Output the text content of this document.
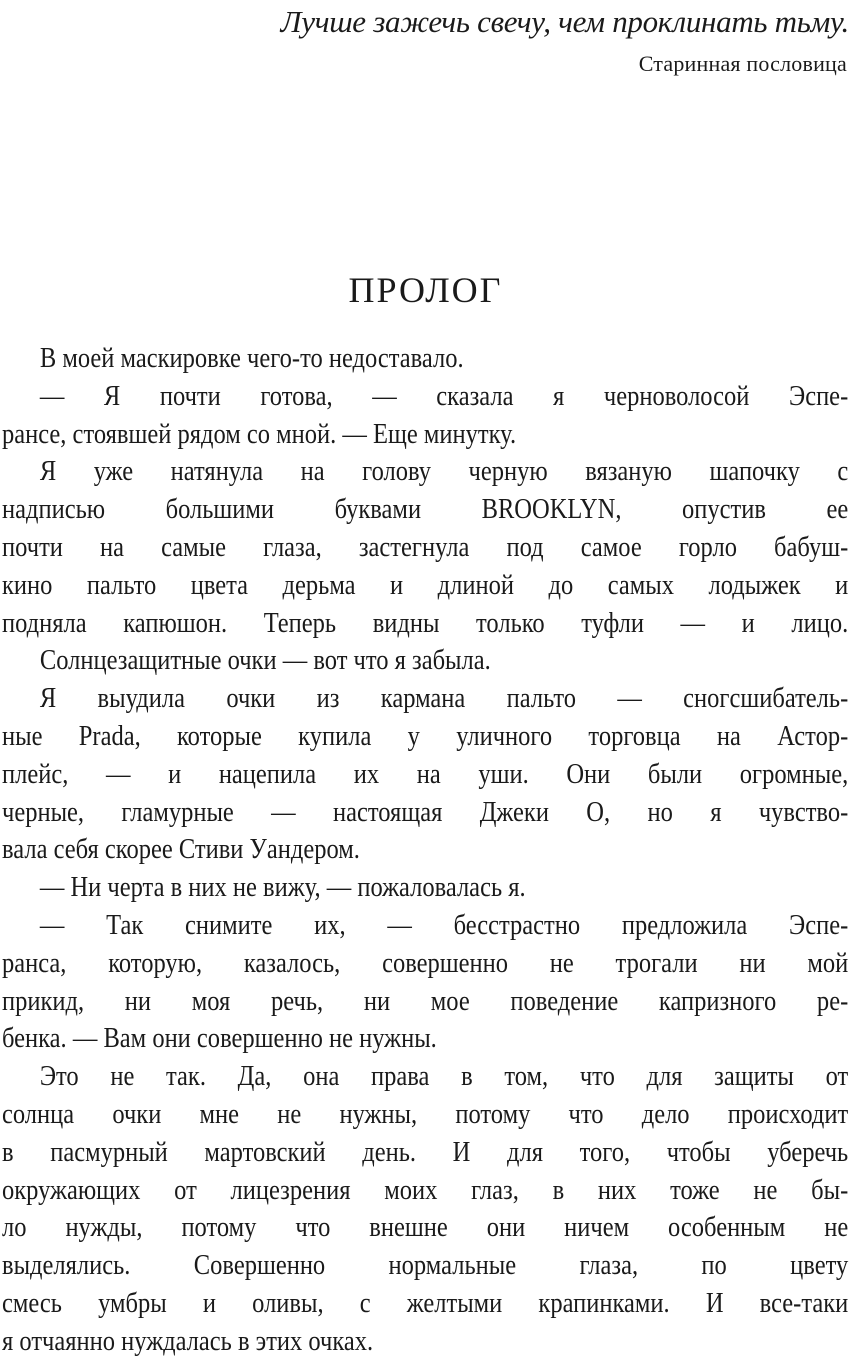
Лучше зажечь свечу, чем проклинать тьму.
Старинная пословица
ПРОЛОГ
В моей маскировке чего-то недоставало.
— Я почти готова, — сказала я черноволосой Эспе-
рансе, стоявшей рядом со мной. — Еще минутку.
Я уже натянула на голову черную вязаную шапочку с
надписью большими буквами BROOKLYN, опустив ее
почти на самые глаза, застегнула под самое горло бабуш-
кино пальто цвета дерьма и длиной до самых лодыжек и
подняла капюшон. Теперь видны только туфли — и лицо.
Солнцезащитные очки — вот что я забыла.
Я выудила очки из кармана пальто — сногсшибатель-
ные Prada, которые купила у уличного торговца на Астор-
плейс, — и нацепила их на уши. Они были огромные,
черные, гламурные — настоящая Джеки О, но я чувство-
вала себя скорее Стиви Уандером.
— Ни черта в них не вижу, — пожаловалась я.
— Так снимите их, — бесстрастно предложила Эспе-
ранса, которую, казалось, совершенно не трогали ни мой
прикид, ни моя речь, ни мое поведение капризного ре-
бенка. — Вам они совершенно не нужны.
Это не так. Да, она права в том, что для защиты от
солнца очки мне не нужны, потому что дело происходит
в пасмурный мартовский день. И для того, чтобы уберечь
окружающих от лицезрения моих глаз, в них тоже не бы-
ло нужды, потому что внешне они ничем особенным не
выделялись. Совершенно нормальные глаза, по цвету
смесь умбры и оливы, с желтыми крапинками. И все-таки
я отчаянно нуждалась в этих очках.
